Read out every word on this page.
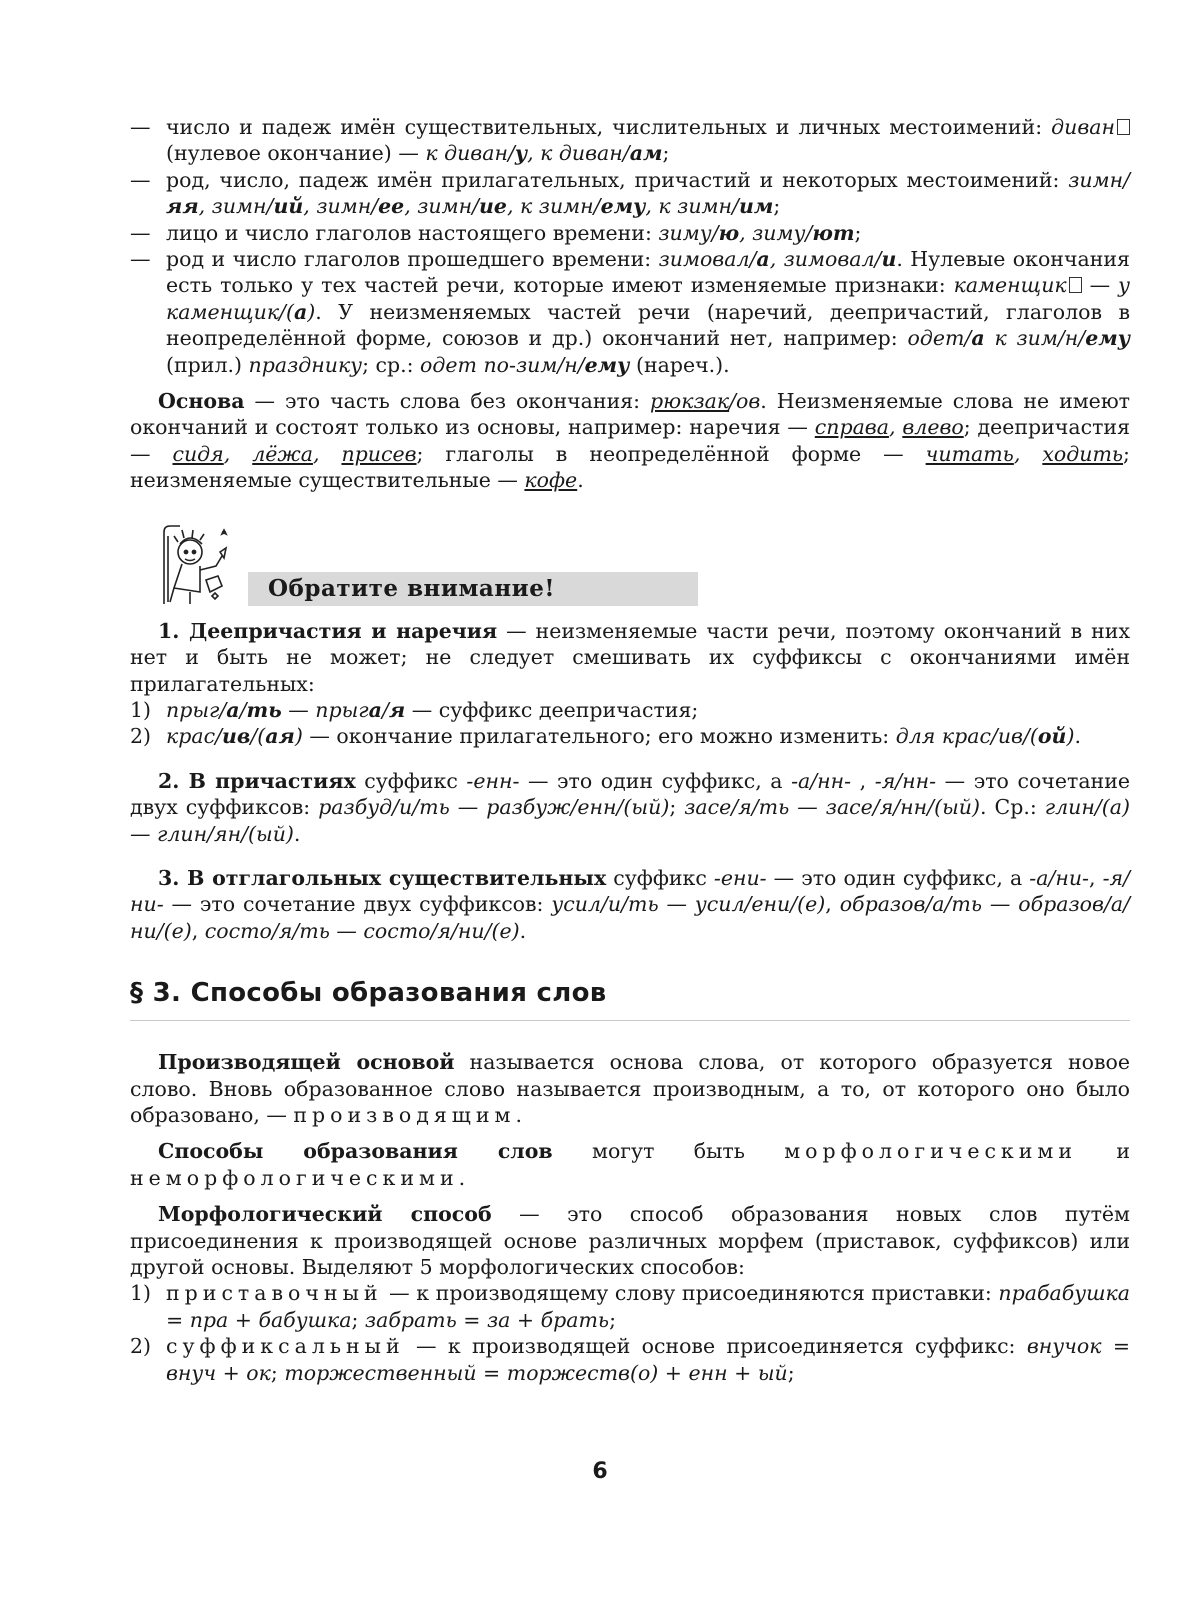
— число и падеж имён существительных, числительных и личных местоимений: диван (нулевое окончание) — к диван/у, к диван/ам;

— род, число, падеж имён прилагательных, причастий и некоторых местоимений: зимн/яя, зимн/ий, зимн/ее, зимн/ие, к зимн/ему, к зимн/им;

— лицо и число глаголов настоящего времени: зиму/ю, зиму/ют;

— род и число глаголов прошедшего времени: зимовал/а, зимовал/и. Нулевые окончания есть только у тех частей речи, которые имеют изменяемые признаки: каменщик — у каменщик/(а). У неизменяемых частей речи (наречий, деепричастий, глаголов в неопределённой форме, союзов и др.) окончаний нет, например: одет/а к зим/н/ему (прил.) празднику; ср.: одет по-зим/н/ему (нареч.).

Основа — это часть слова без окончания: рюкзак/ов. Неизменяемые слова не имеют окончаний и состоят только из основы, например: наречия — справа, влево; деепричастия — сидя, лёжа, присев; глаголы в неопределённой форме — читать, ходить; неизменяемые существительные — кофе.

Обратите внимание!

1. Деепричастия и наречия — неизменяемые части речи, поэтому окончаний в них нет и быть не может; не следует смешивать их суффиксы с окончаниями имён прилагательных:

1) прыг/а/ть — прыга/я — суффикс деепричастия;

2) крас/ив/(ая) — окончание прилагательного; его можно изменить: для крас/ив/(ой).

2. В причастиях суффикс -енн- — это один суффикс, а -а/нн- , -я/нн- — это сочетание двух суффиксов: разбуд/и/ть — разбуж/енн/(ый); засе/я/ть — засе/я/нн/(ый). Ср.: глин/(а) — глин/ян/(ый).

3. В отглагольных существительных суффикс -ени- — это один суффикс, а -а/ни-, -я/ни- — это сочетание двух суффиксов: усил/и/ть — усил/ени/(е), образов/а/ть — образов/а/ни/(е), состо/я/ть — состо/я/ни/(е).

§ 3. Способы образования слов

Производящей основой называется основа слова, от которого образуется новое слово. Вновь образованное слово называется производным, а то, от которого оно было образовано, — производящим.

Способы образования слов могут быть морфологическими и неморфологическими.

Морфологический способ — это способ образования новых слов путём присоединения к производящей основе различных морфем (приставок, суффиксов) или другой основы. Выделяют 5 морфологических способов:

1) приставочный — к производящему слову присоединяются приставки: прабабушка = пра + бабушка; забрать = за + брать;

2) суффиксальный — к производящей основе присоединяется суффикс: внучок = внуч + ок; торжественный = торжеств(о) + енн + ый;

6
